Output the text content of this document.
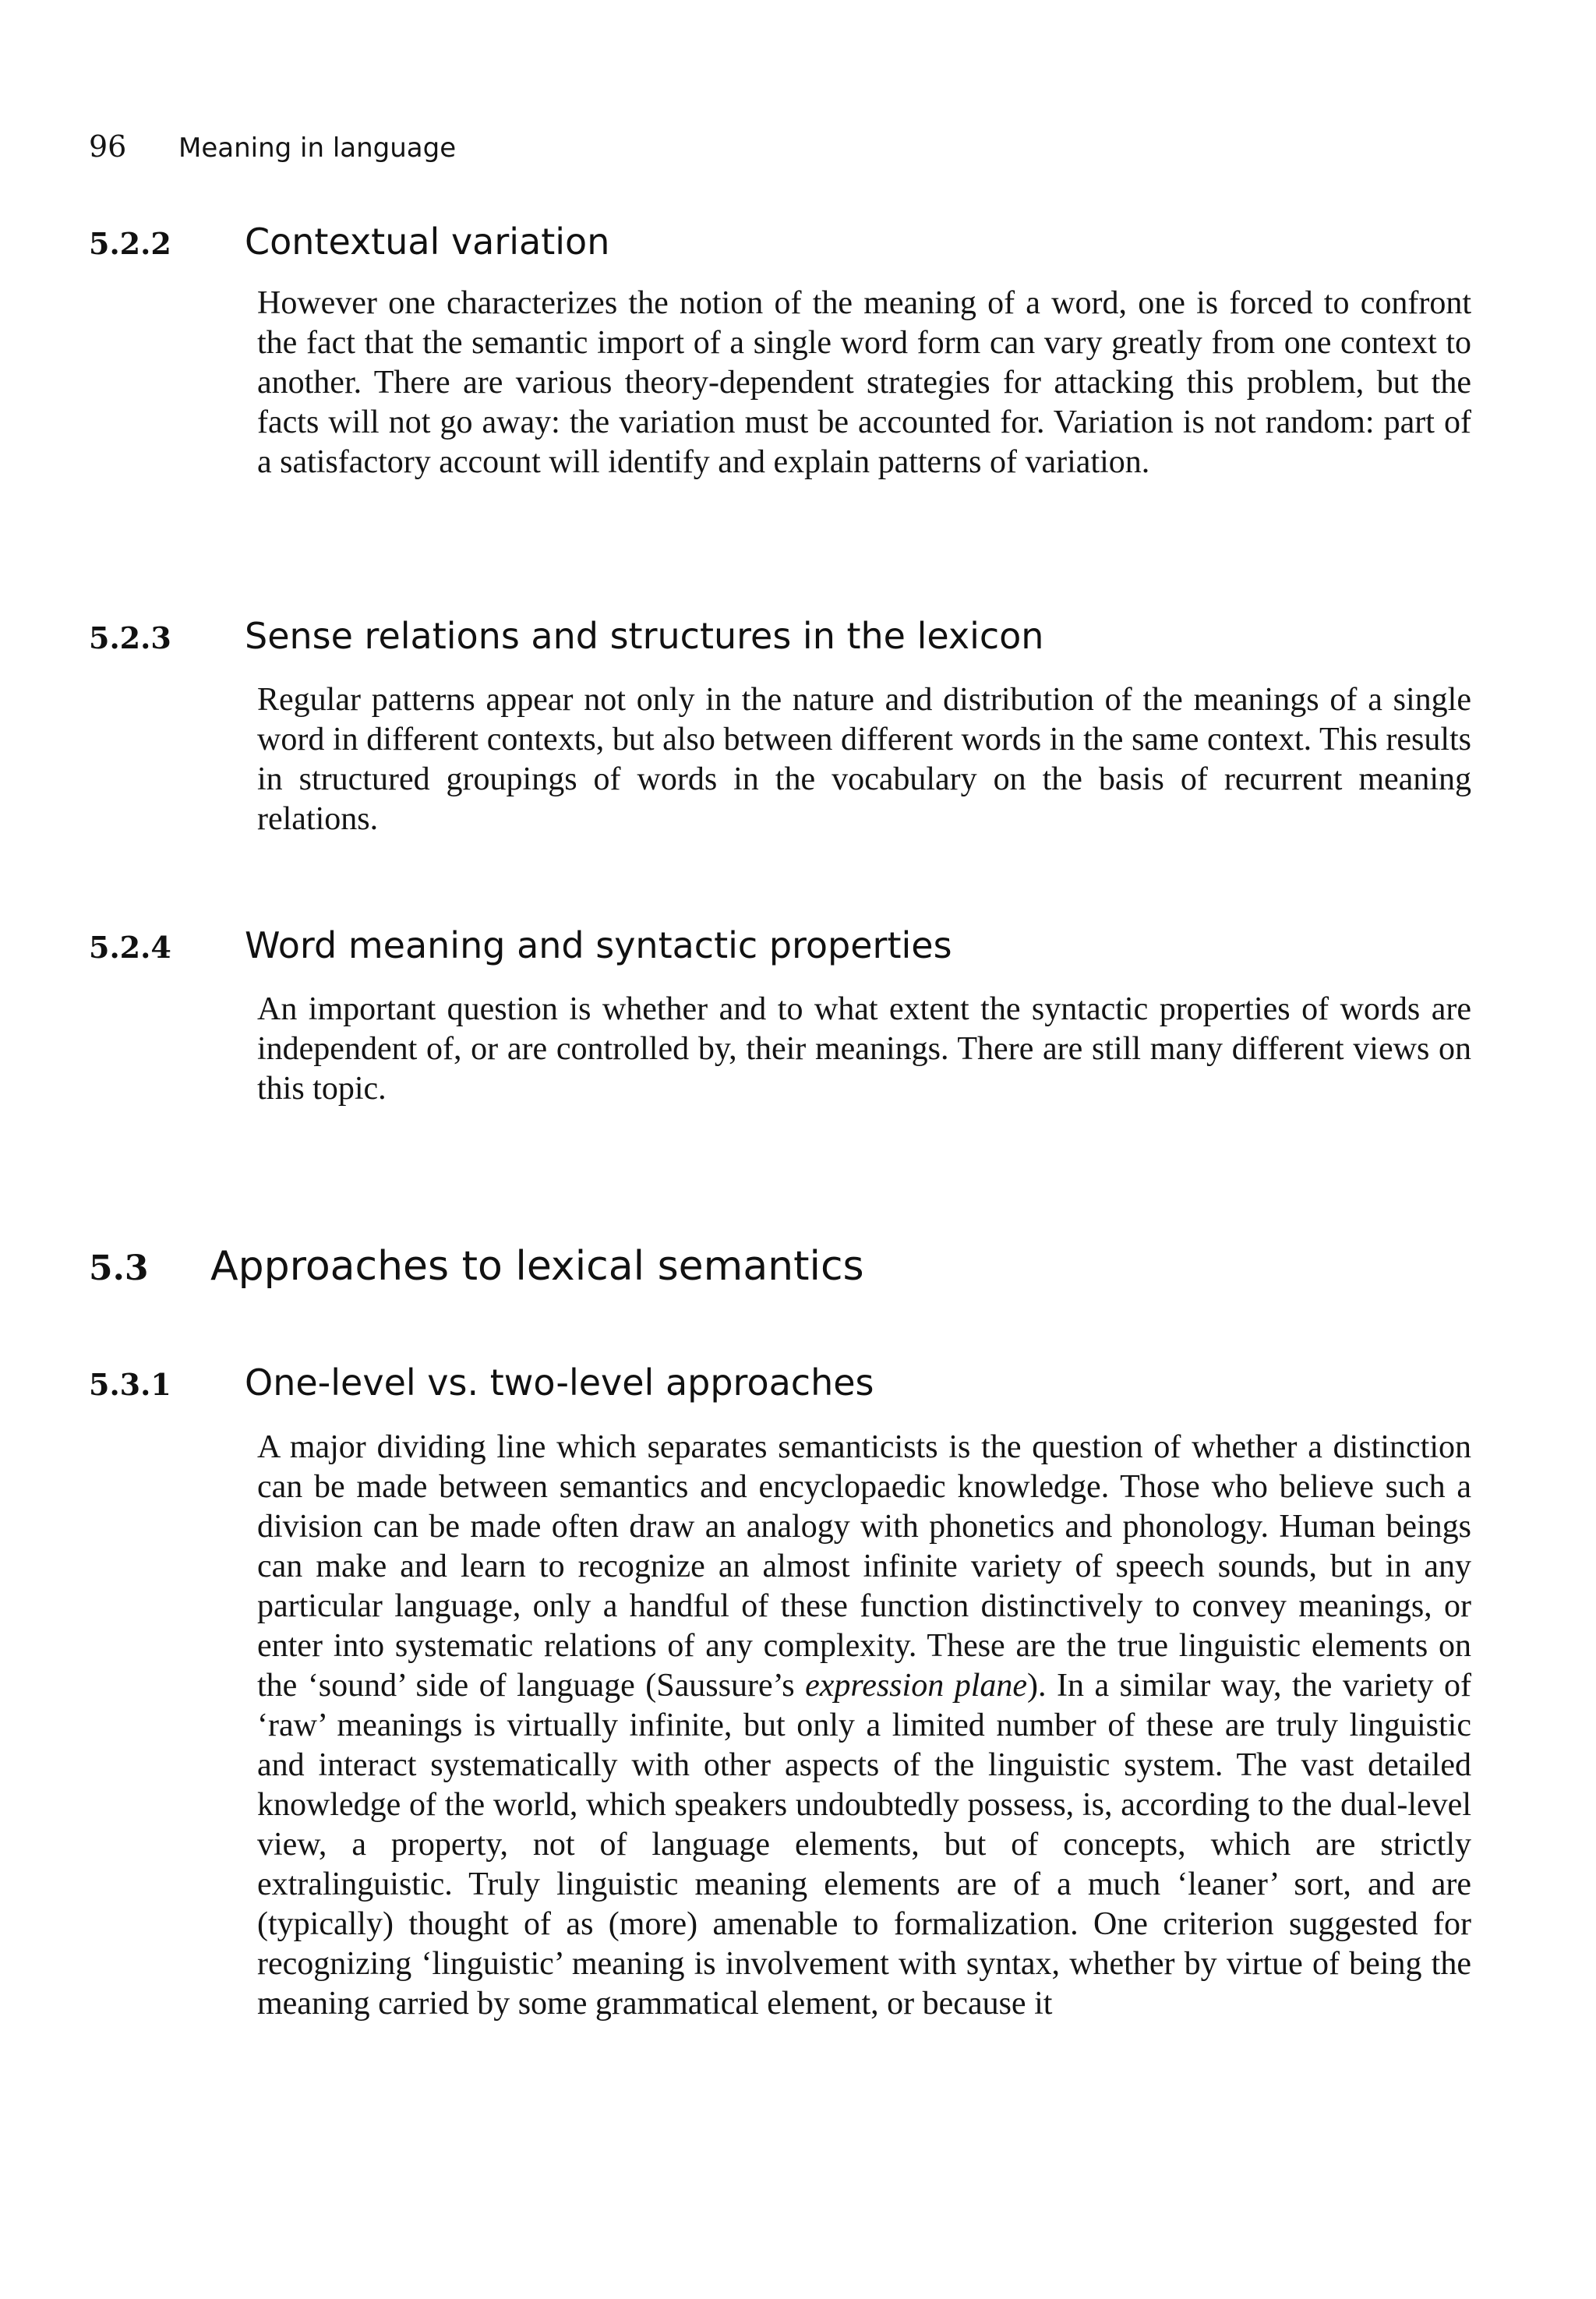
96 Meaning in language
5.2.2 Contextual variation

However one characterizes the notion of the meaning of a word, one is forced to confront the fact that the semantic import of a single word form can vary greatly from one context to another. There are various theory-dependent strategies for attacking this problem, but the facts will not go away: the variation must be accounted for. Variation is not random: part of a satisfactory account will identify and explain patterns of variation.

5.2.3 Sense relations and structures in the lexicon

Regular patterns appear not only in the nature and distribution of the meanings of a single word in different contexts, but also between different words in the same context. This results in structured groupings of words in the vocabulary on the basis of recurrent meaning relations.

5.2.4 Word meaning and syntactic properties

An important question is whether and to what extent the syntactic properties of words are independent of, or are controlled by, their meanings. There are still many different views on this topic.

5.3 Approaches to lexical semantics
5.3.1 One-level vs. two-level approaches

A major dividing line which separates semanticists is the question of whether a distinction can be made between semantics and encyclopaedic knowledge. Those who believe such a division can be made often draw an analogy with phonetics and phonology. Human beings can make and learn to recognize an almost infinite variety of speech sounds, but in any particular language, only a handful of these function distinctively to convey meanings, or enter into systematic relations of any complexity. These are the true linguistic elements on the ‘sound’ side of language (Saussure’s expression plane). In a similar way, the variety of ‘raw’ meanings is virtually infinite, but only a limited number of these are truly linguistic and interact systematically with other aspects of the linguistic system. The vast detailed knowledge of the world, which speakers undoubtedly possess, is, according to the dual-level view, a property, not of language elements, but of concepts, which are strictly extralinguistic. Truly linguistic meaning elements are of a much ‘leaner’ sort, and are (typically) thought of as (more) amenable to formalization. One criterion suggested for recognizing ‘linguistic’ meaning is involvement with syntax, whether by virtue of being the meaning carried by some grammatical element, or because it
